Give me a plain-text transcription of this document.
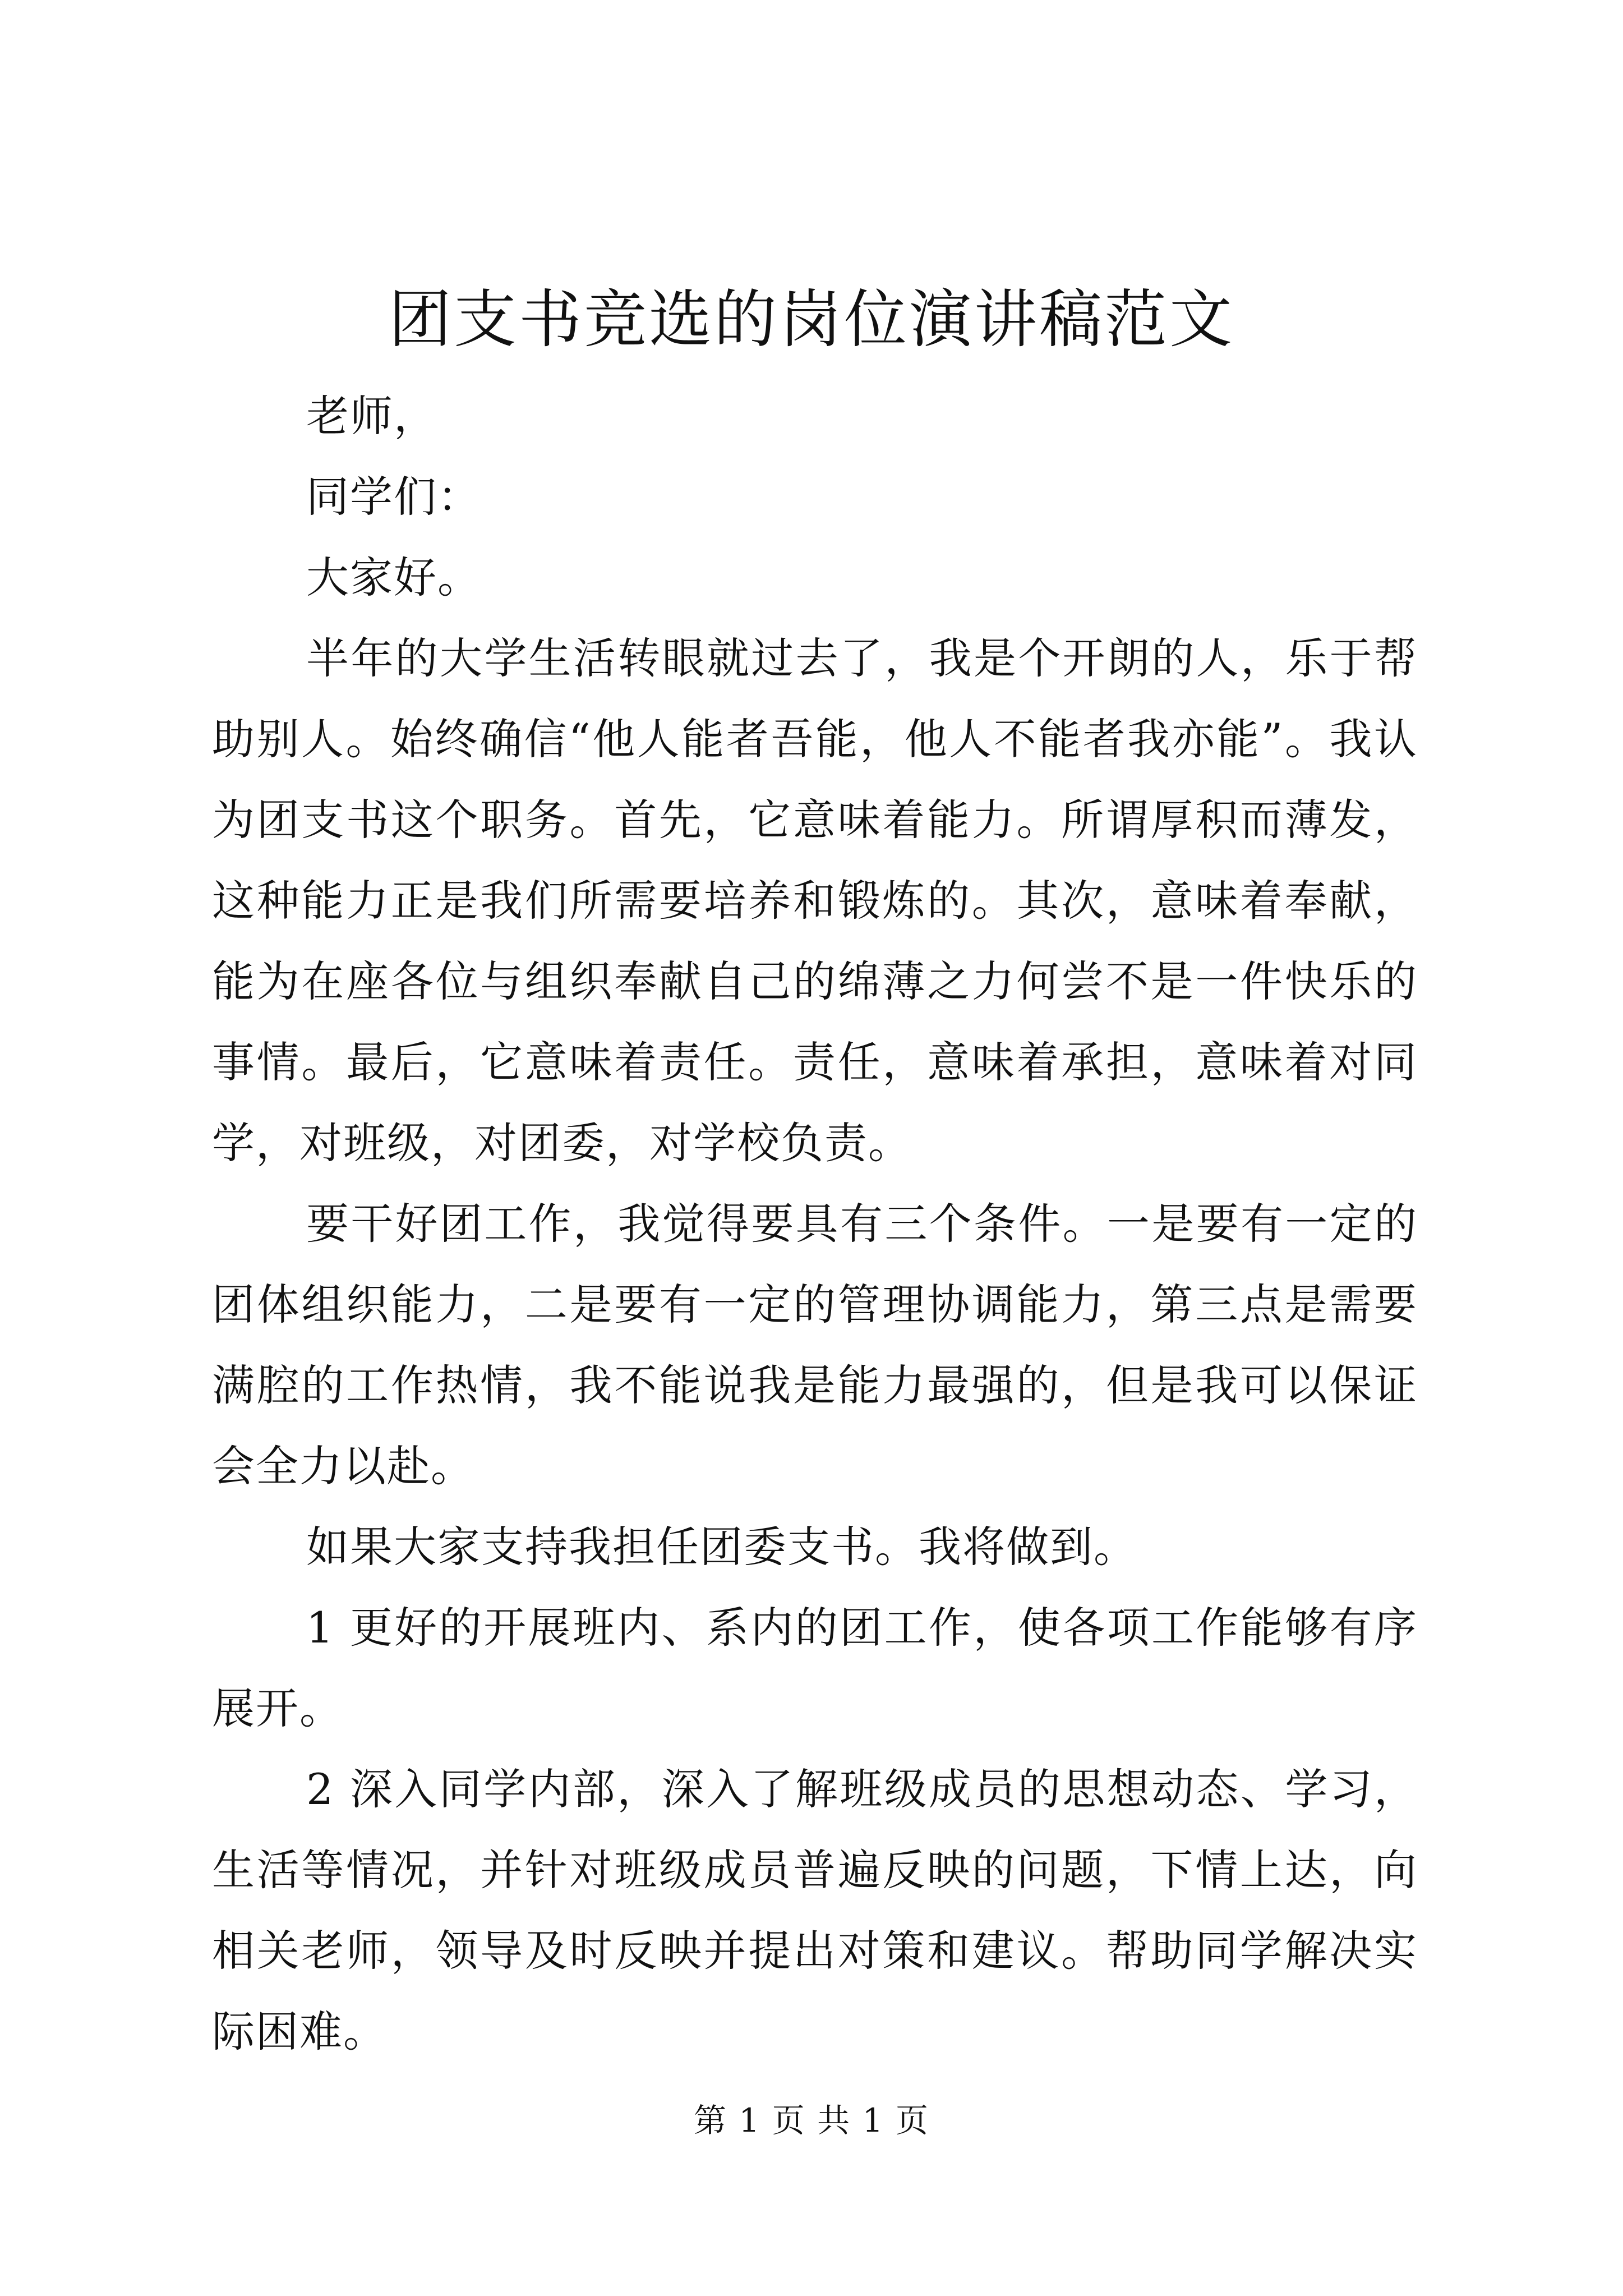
团支书竞选的岗位演讲稿范文

老师，

同学们：

大家好。

半年的大学生活转眼就过去了，我是个开朗的人，乐于帮助别人。始终确信“他人能者吾能，他人不能者我亦能”。我认为团支书这个职务。首先，它意味着能力。所谓厚积而薄发，这种能力正是我们所需要培养和锻炼的。其次，意味着奉献，能为在座各位与组织奉献自己的绵薄之力何尝不是一件快乐的事情。最后，它意味着责任。责任，意味着承担，意味着对同学，对班级，对团委，对学校负责。

要干好团工作，我觉得要具有三个条件。一是要有一定的团体组织能力，二是要有一定的管理协调能力，第三点是需要满腔的工作热情，我不能说我是能力最强的，但是我可以保证会全力以赴。

如果大家支持我担任团委支书。我将做到。

1 更好的开展班内、系内的团工作，使各项工作能够有序展开。

2 深入同学内部，深入了解班级成员的思想动态、学习，生活等情况，并针对班级成员普遍反映的问题，下情上达，向相关老师，领导及时反映并提出对策和建议。帮助同学解决实际困难。

第 1 页 共 1 页
